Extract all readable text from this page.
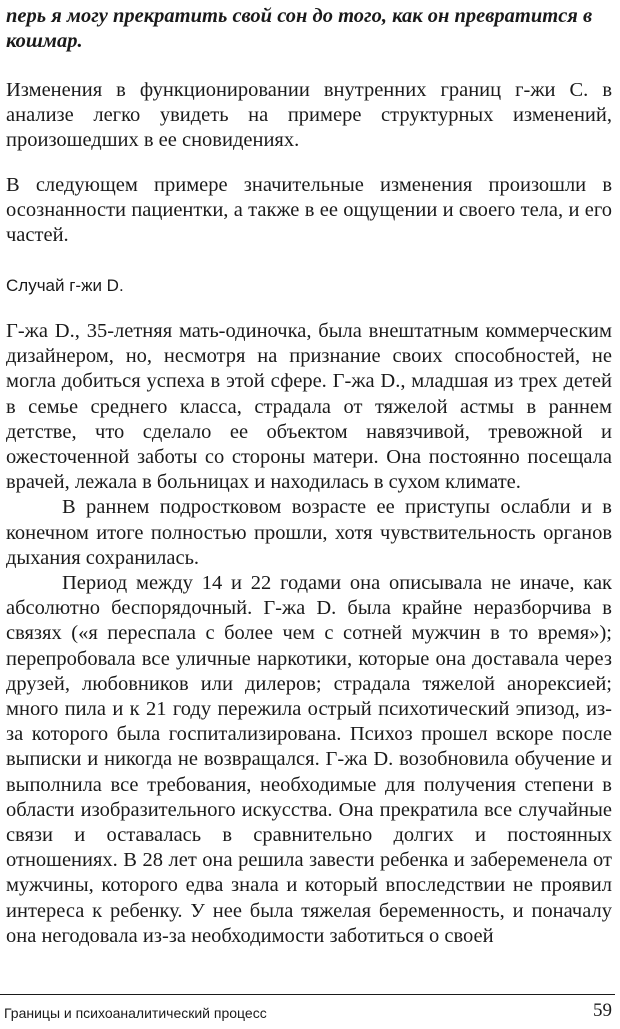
перь я могу прекратить свой сон до того, как он превратится в кошмар.

Изменения в функционировании внутренних границ г-жи С. в анализе легко увидеть на примере структурных изменений, произошедших в ее сновидениях.

В следующем примере значительные изменения произошли в осознанности пациентки, а также в ее ощущении и своего тела, и его частей.

Случай г-жи D.

Г-жа D., 35-летняя мать-одиночка, была внештатным коммерческим дизайнером, но, несмотря на признание своих способностей, не могла добиться успеха в этой сфере. Г-жа D., младшая из трех детей в семье среднего класса, страдала от тяжелой астмы в раннем детстве, что сделало ее объектом навязчивой, тревожной и ожесточенной заботы со стороны матери. Она постоянно посещала врачей, лежала в больницах и находилась в сухом климате.

В раннем подростковом возрасте ее приступы ослабли и в конечном итоге полностью прошли, хотя чувствительность органов дыхания сохранилась.

Период между 14 и 22 годами она описывала не иначе, как абсолютно беспорядочный. Г-жа D. была крайне неразборчива в связях («я переспала с более чем с сотней мужчин в то время»); перепробовала все уличные наркотики, которые она доставала через друзей, любовников или дилеров; страдала тяжелой анорексией; много пила и к 21 году пережила острый психотический эпизод, из-за которого была госпитализирована. Психоз прошел вскоре после выписки и никогда не возвращался. Г-жа D. возобновила обучение и выполнила все требования, необходимые для получения степени в области изобразительного искусства. Она прекратила все случайные связи и оставалась в сравнительно долгих и постоянных отношениях. В 28 лет она решила завести ребенка и забеременела от мужчины, которого едва знала и который впоследствии не проявил интереса к ребенку. У нее была тяжелая беременность, и поначалу она негодовала из-за необходимости заботиться о своей

Границы и психоаналитический процесс	59
